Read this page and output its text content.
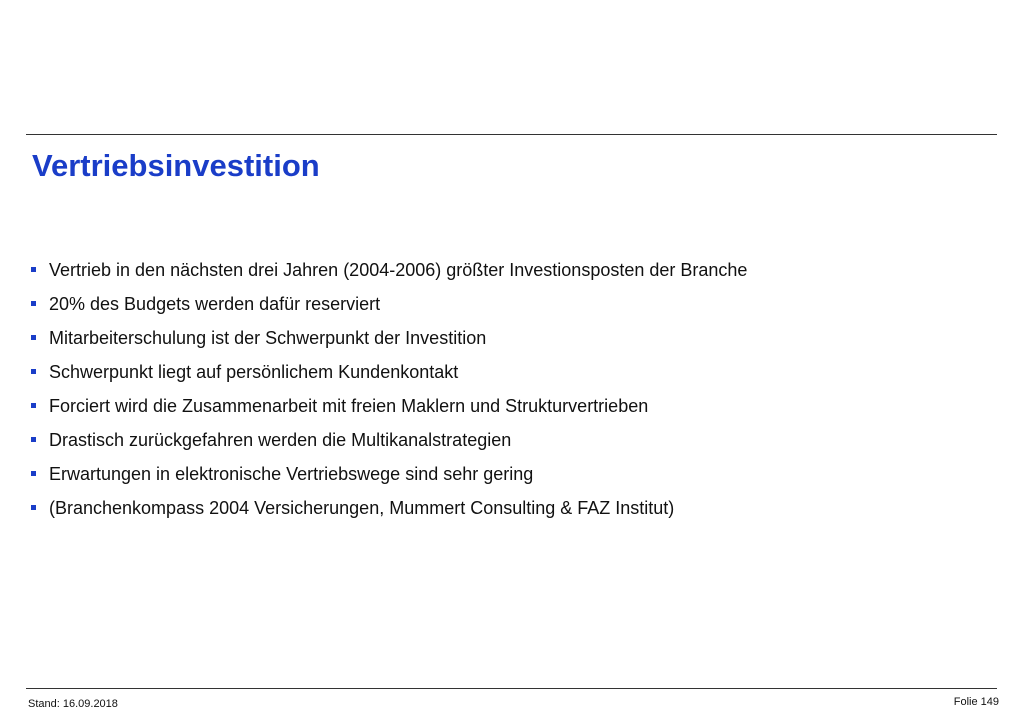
Vertriebsinvestition
Vertrieb in den nächsten drei Jahren (2004-2006) größter Investionsposten der Branche
20% des Budgets werden dafür reserviert
Mitarbeiterschulung ist der Schwerpunkt der Investition
Schwerpunkt liegt auf persönlichem Kundenkontakt
Forciert wird die Zusammenarbeit mit freien Maklern und Strukturvertrieben
Drastisch zurückgefahren werden die Multikanalstrategien
Erwartungen in elektronische Vertriebswege sind sehr gering
(Branchenkompass 2004 Versicherungen, Mummert Consulting & FAZ Institut)
Stand: 16.09.2018	Folie 149
